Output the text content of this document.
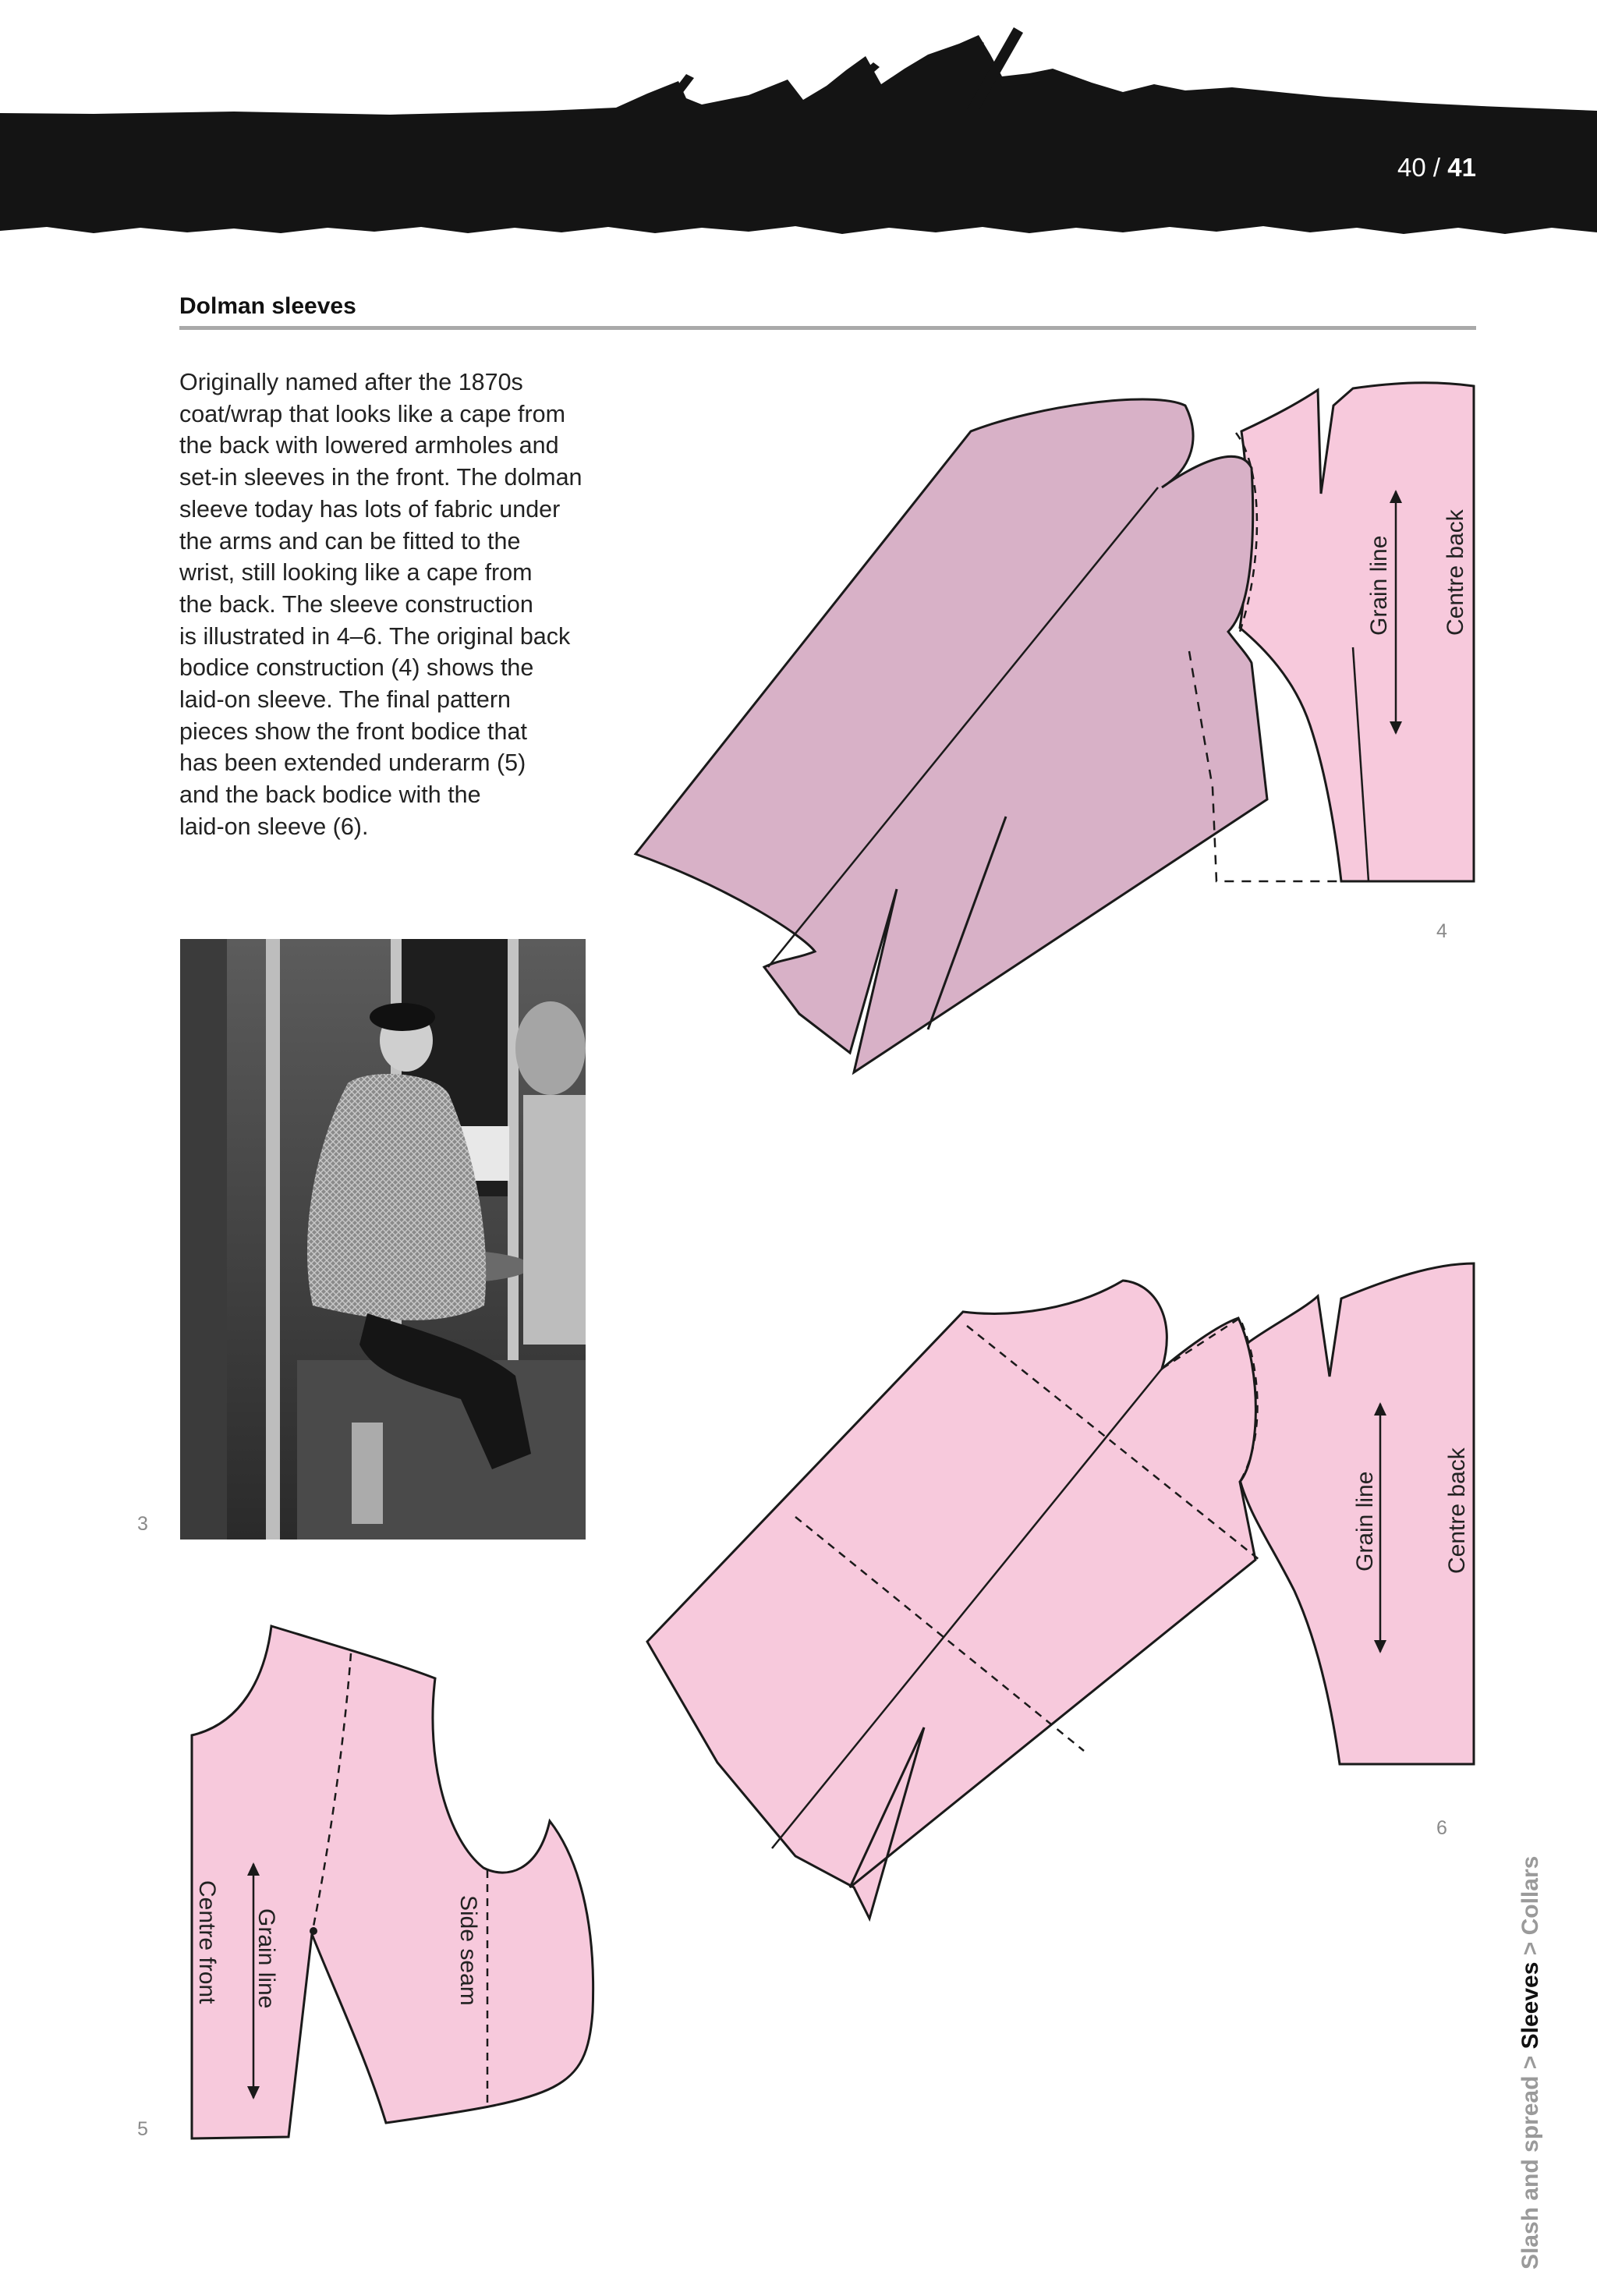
40 / 41
Dolman sleeves
Originally named after the 1870s
coat/wrap that looks like a cape from
the back with lowered armholes and
set-in sleeves in the front. The dolman
sleeve today has lots of fabric under
the arms and can be fitted to the
wrist, still looking like a cape from
the back. The sleeve construction
is illustrated in 4–6. The original back
bodice construction (4) shows the
laid-on sleeve. The final pattern
pieces show the front bodice that
has been extended underarm (5)
and the back bodice with the
laid-on sleeve (6).
Grain line Centre back
Grain line	Centre back
Grain line
Centre front	Side seam
3
4
6
5	Slash and spread > Sleeves > Collars
